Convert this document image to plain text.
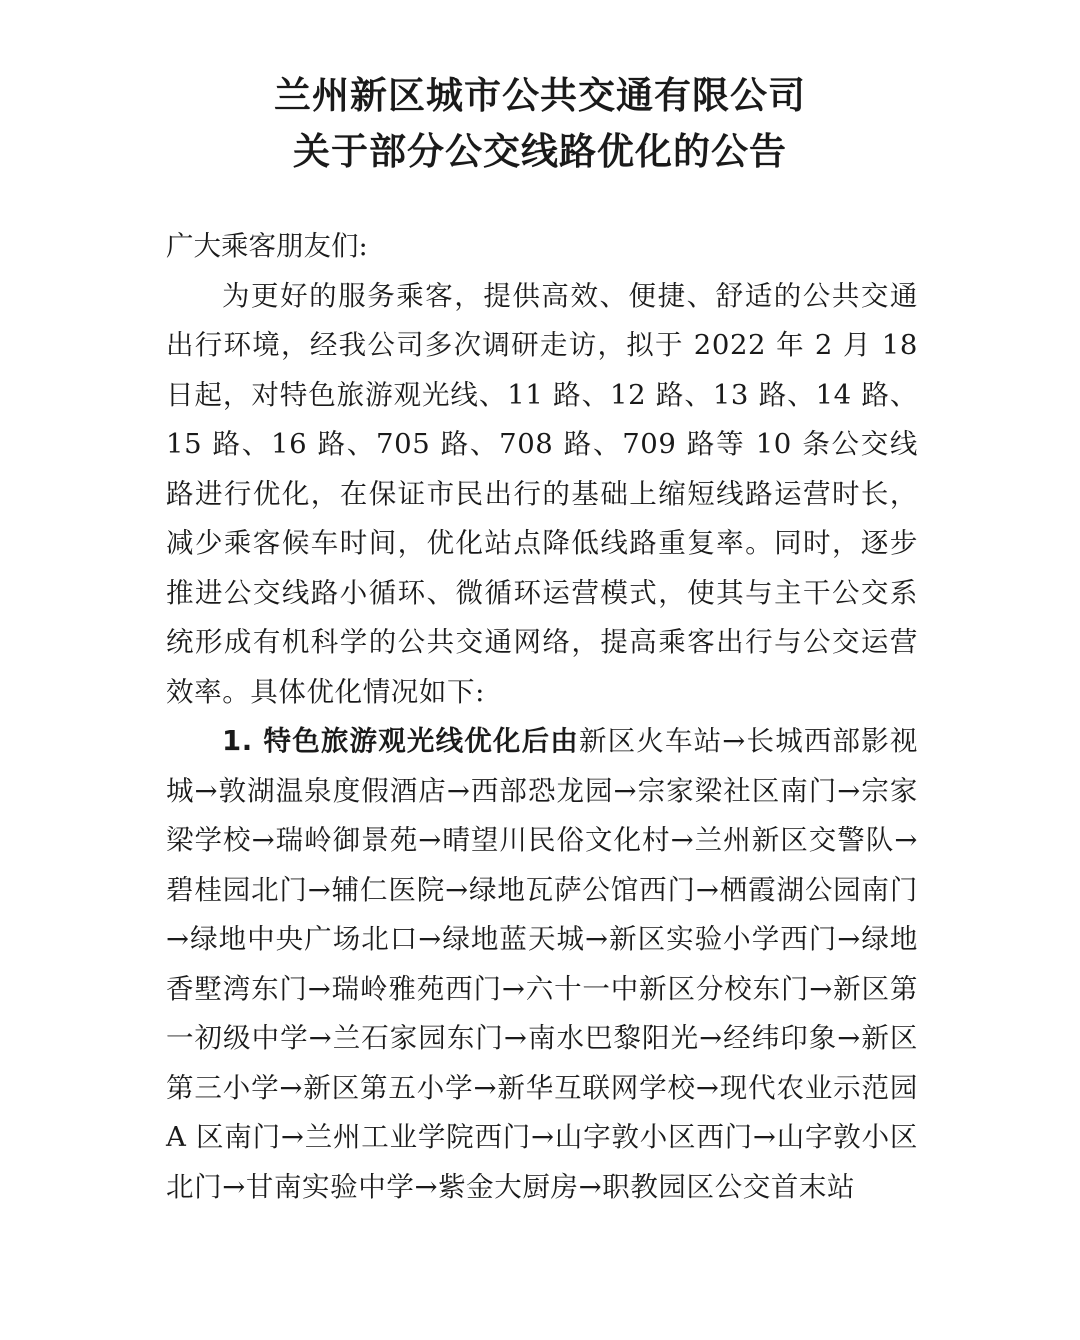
兰州新区城市公共交通有限公司
关于部分公交线路优化的公告
广大乘客朋友们:
为更好的服务乘客，提供高效、便捷、舒适的公共交通出行环境，经我公司多次调研走访，拟于 2022 年 2 月 18 日起，对特色旅游观光线、11 路、12 路、13 路、14 路、15 路、16 路、705 路、708 路、709 路等 10 条公交线路进行优化，在保证市民出行的基础上缩短线路运营时长，减少乘客候车时间，优化站点降低线路重复率。同时，逐步推进公交线路小循环、微循环运营模式，使其与主干公交系统形成有机科学的公共交通网络，提高乘客出行与公交运营效率。具体优化情况如下:
1. 特色旅游观光线优化后由新区火车站→长城西部影视城→敦湖温泉度假酒店→西部恐龙园→宗家梁社区南门→宗家梁学校→瑞岭御景苑→晴望川民俗文化村→兰州新区交警队→碧桂园北门→辅仁医院→绿地瓦萨公馆西门→栖霞湖公园南门→绿地中央广场北口→绿地蓝天城→新区实验小学西门→绿地香墅湾东门→瑞岭雅苑西门→六十一中新区分校东门→新区第一初级中学→兰石家园东门→南水巴黎阳光→经纬印象→新区第三小学→新区第五小学→新华互联网学校→现代农业示范园 A 区南门→兰州工业学院西门→山字敦小区西门→山字敦小区北门→甘南实验中学→紫金大厨房→职教园区公交首末站
